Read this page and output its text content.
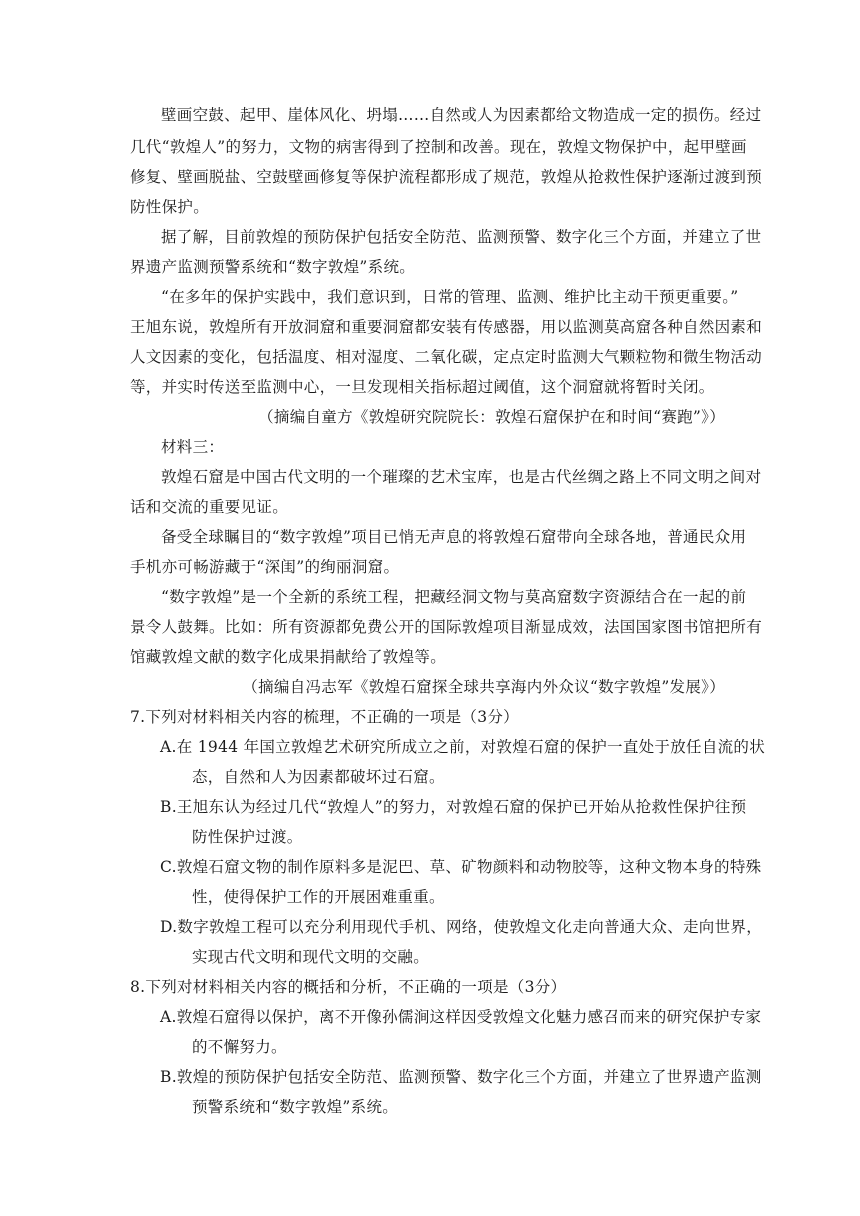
壁画空鼓、起甲、崖体风化、坍塌……自然或人为因素都给文物造成一定的损伤。经过
几代“敦煌人”的努力，文物的病害得到了控制和改善。现在，敦煌文物保护中，起甲壁画
修复、壁画脱盐、空鼓壁画修复等保护流程都形成了规范，敦煌从抢救性保护逐渐过渡到预
防性保护。
据了解，目前敦煌的预防保护包括安全防范、监测预警、数字化三个方面，并建立了世
界遗产监测预警系统和“数字敦煌”系统。
“在多年的保护实践中，我们意识到，日常的管理、监测、维护比主动干预更重要。”
王旭东说，敦煌所有开放洞窟和重要洞窟都安装有传感器，用以监测莫高窟各种自然因素和
人文因素的变化，包括温度、相对湿度、二氧化碳，定点定时监测大气颗粒物和微生物活动
等，并实时传送至监测中心，一旦发现相关指标超过阈值，这个洞窟就将暂时关闭。
（摘编自童方《敦煌研究院院长：敦煌石窟保护在和时间“赛跑”》）
材料三：
敦煌石窟是中国古代文明的一个璀璨的艺术宝库，也是古代丝绸之路上不同文明之间对
话和交流的重要见证。
备受全球瞩目的“数字敦煌”项目已悄无声息的将敦煌石窟带向全球各地，普通民众用
手机亦可畅游藏于“深闺”的绚丽洞窟。
“数字敦煌”是一个全新的系统工程，把藏经洞文物与莫高窟数字资源结合在一起的前
景令人鼓舞。比如：所有资源都免费公开的国际敦煌项目渐显成效，法国国家图书馆把所有
馆藏敦煌文献的数字化成果捐献给了敦煌等。
（摘编自冯志军《敦煌石窟探全球共享海内外众议“数字敦煌”发展》）
7.下列对材料相关内容的梳理，不正确的一项是（3分）
A.在 1944 年国立敦煌艺术研究所成立之前，对敦煌石窟的保护一直处于放任自流的状
态，自然和人为因素都破坏过石窟。
B.王旭东认为经过几代“敦煌人”的努力，对敦煌石窟的保护已开始从抢救性保护往预
防性保护过渡。
C.敦煌石窟文物的制作原料多是泥巴、草、矿物颜料和动物胶等，这种文物本身的特殊
性，使得保护工作的开展困难重重。
D.数字敦煌工程可以充分利用现代手机、网络，使敦煌文化走向普通大众、走向世界，
实现古代文明和现代文明的交融。
8.下列对材料相关内容的概括和分析，不正确的一项是（3分）
A.敦煌石窟得以保护，离不开像孙儒涧这样因受敦煌文化魅力感召而来的研究保护专家
的不懈努力。
B.敦煌的预防保护包括安全防范、监测预警、数字化三个方面，并建立了世界遗产监测
预警系统和“数字敦煌”系统。
